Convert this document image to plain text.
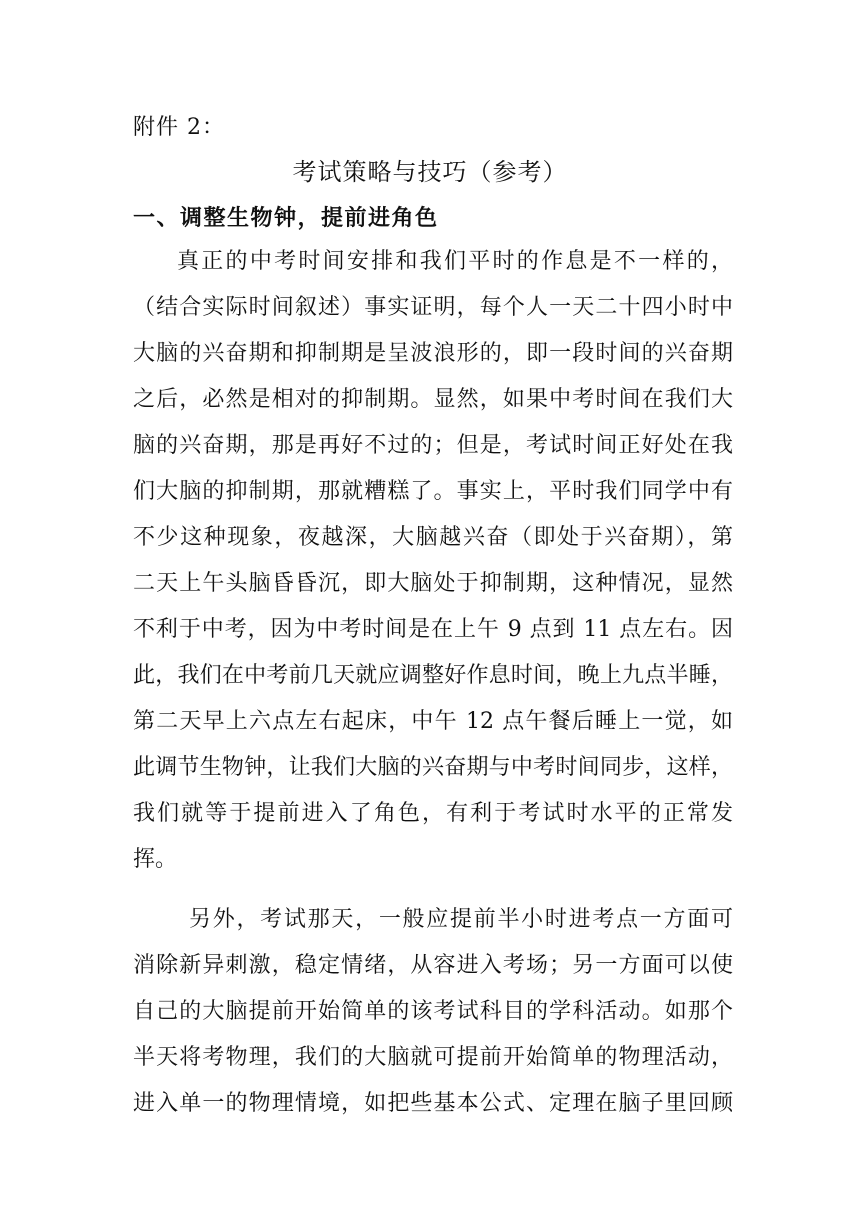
附件 2：
考试策略与技巧（参考）
一、调整生物钟，提前进角色
真正的中考时间安排和我们平时的作息是不一样的，
（结合实际时间叙述）事实证明，每个人一天二十四小时中
大脑的兴奋期和抑制期是呈波浪形的，即一段时间的兴奋期
之后，必然是相对的抑制期。显然，如果中考时间在我们大
脑的兴奋期，那是再好不过的；但是，考试时间正好处在我
们大脑的抑制期，那就糟糕了。事实上，平时我们同学中有
不少这种现象，夜越深，大脑越兴奋（即处于兴奋期），第
二天上午头脑昏昏沉，即大脑处于抑制期，这种情况，显然
不利于中考，因为中考时间是在上午 9 点到 11 点左右。因
此，我们在中考前几天就应调整好作息时间，晚上九点半睡，
第二天早上六点左右起床，中午 12 点午餐后睡上一觉，如
此调节生物钟，让我们大脑的兴奋期与中考时间同步，这样，
我们就等于提前进入了角色，有利于考试时水平的正常发
挥。
另外，考试那天，一般应提前半小时进考点一方面可
消除新异刺激，稳定情绪，从容进入考场；另一方面可以使
自己的大脑提前开始简单的该考试科目的学科活动。如那个
半天将考物理，我们的大脑就可提前开始简单的物理活动，
进入单一的物理情境，如把些基本公式、定理在脑子里回顾
